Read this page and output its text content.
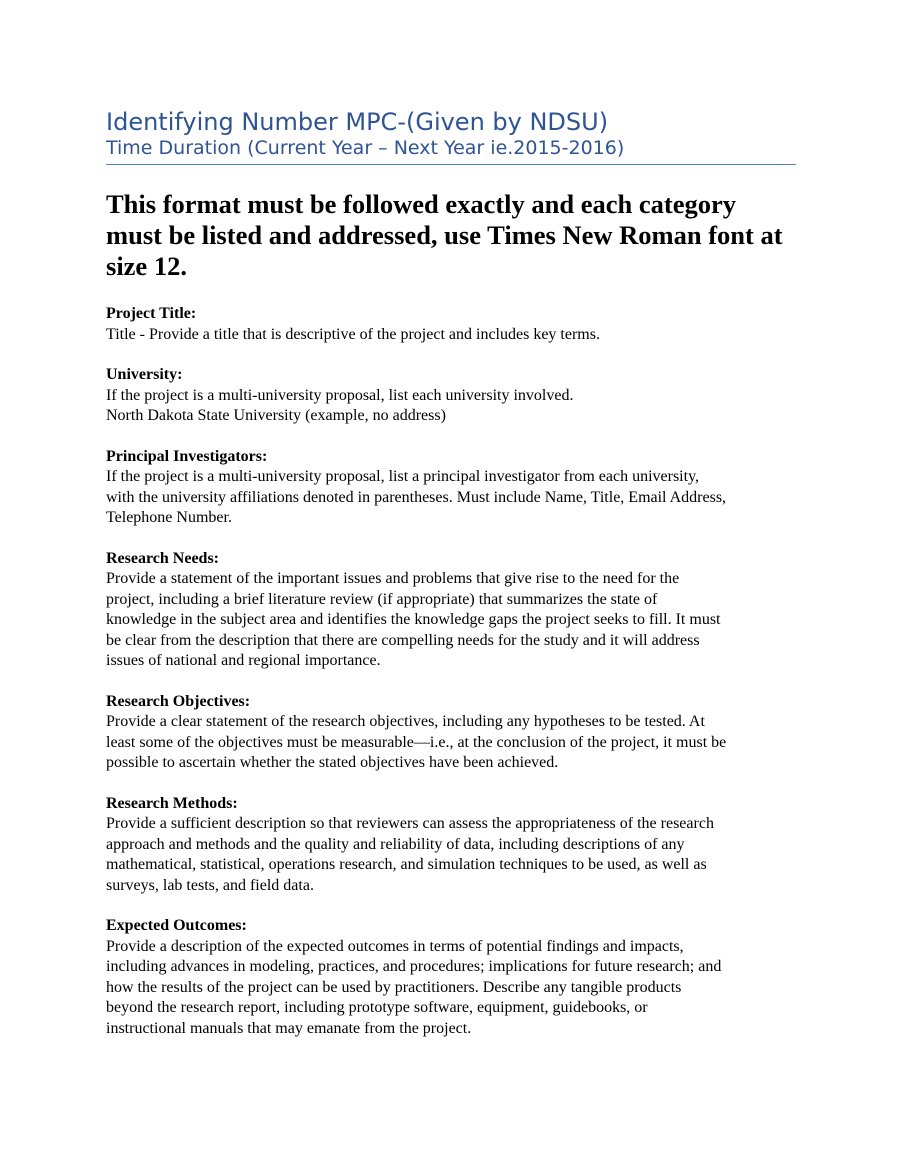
Identifying Number MPC-(Given by NDSU)
Time Duration (Current Year – Next Year ie.2015-2016)
This format must be followed exactly and each category
must be listed and addressed, use Times New Roman font at
size 12.
Project Title:
Title - Provide a title that is descriptive of the project and includes key terms.
University:
If the project is a multi-university proposal, list each university involved.
North Dakota State University (example, no address)
Principal Investigators:
If the project is a multi-university proposal, list a principal investigator from each university,
with the university affiliations denoted in parentheses. Must include Name, Title, Email Address,
Telephone Number.
Research Needs:
Provide a statement of the important issues and problems that give rise to the need for the
project, including a brief literature review (if appropriate) that summarizes the state of
knowledge in the subject area and identifies the knowledge gaps the project seeks to fill. It must
be clear from the description that there are compelling needs for the study and it will address
issues of national and regional importance.
Research Objectives:
Provide a clear statement of the research objectives, including any hypotheses to be tested. At
least some of the objectives must be measurable—i.e., at the conclusion of the project, it must be
possible to ascertain whether the stated objectives have been achieved.
Research Methods:
Provide a sufficient description so that reviewers can assess the appropriateness of the research
approach and methods and the quality and reliability of data, including descriptions of any
mathematical, statistical, operations research, and simulation techniques to be used, as well as
surveys, lab tests, and field data.
Expected Outcomes:
Provide a description of the expected outcomes in terms of potential findings and impacts,
including advances in modeling, practices, and procedures; implications for future research; and
how the results of the project can be used by practitioners. Describe any tangible products
beyond the research report, including prototype software, equipment, guidebooks, or
instructional manuals that may emanate from the project.
